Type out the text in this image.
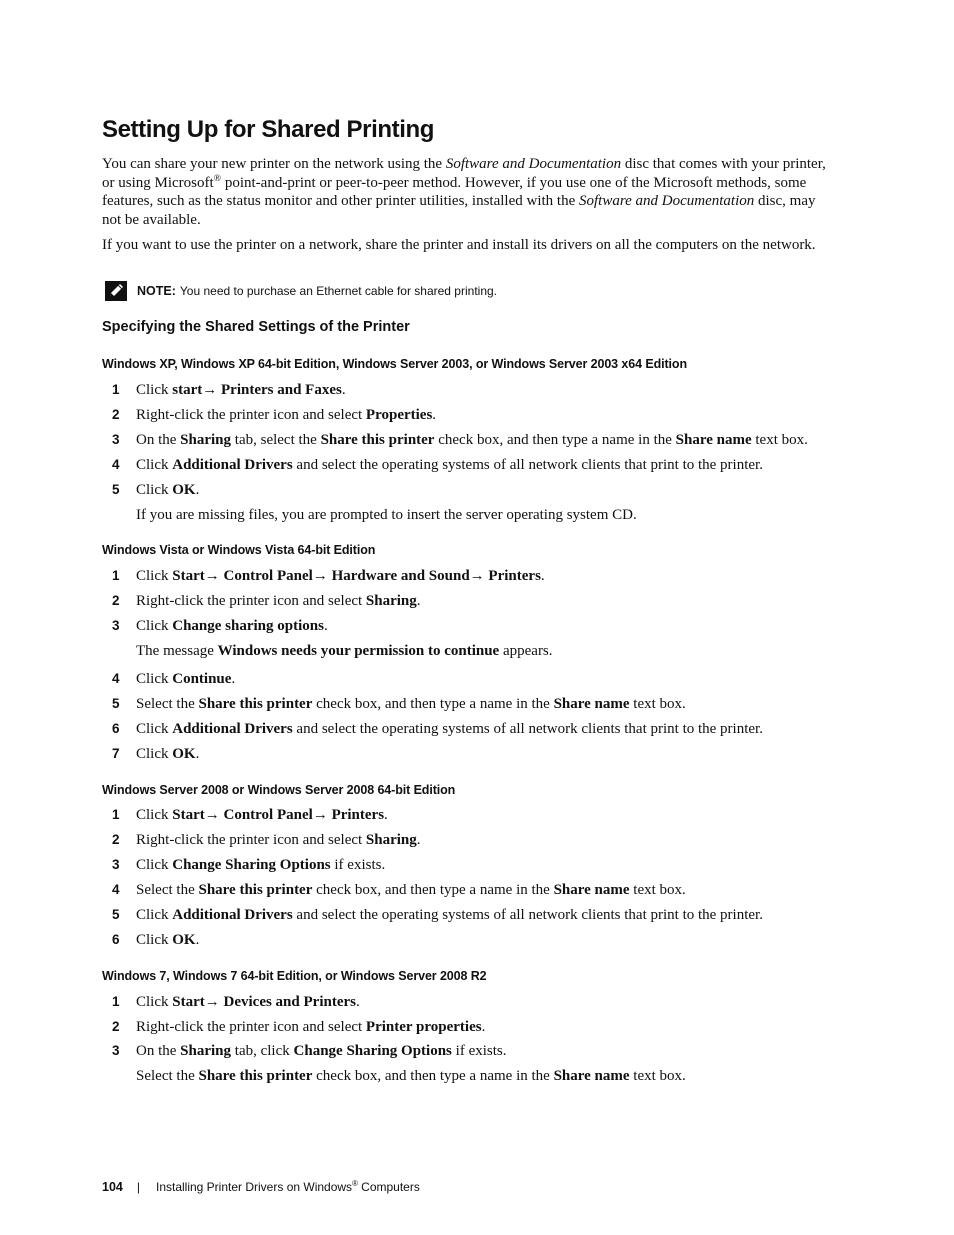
Setting Up for Shared Printing

You can share your new printer on the network using the Software and Documentation disc that comes with your printer, or using Microsoft® point-and-print or peer-to-peer method. However, if you use one of the Microsoft methods, some features, such as the status monitor and other printer utilities, installed with the Software and Documentation disc, may not be available.

If you want to use the printer on a network, share the printer and install its drivers on all the computers on the network.

NOTE: You need to purchase an Ethernet cable for shared printing.
Specifying the Shared Settings of the Printer
Windows XP, Windows XP 64-bit Edition, Windows Server 2003, or Windows Server 2003 x64 Edition

1 Click start→ Printers and Faxes.

2 Right-click the printer icon and select Properties.

3 On the Sharing tab, select the Share this printer check box, and then type a name in the Share name text box.

4 Click Additional Drivers and select the operating systems of all network clients that print to the printer.

5 Click OK.

If you are missing files, you are prompted to insert the server operating system CD.

Windows Vista or Windows Vista 64-bit Edition

1 Click Start→ Control Panel→ Hardware and Sound→ Printers.

2 Right-click the printer icon and select Sharing.

3 Click Change sharing options.

The message Windows needs your permission to continue appears.

4 Click Continue.

5 Select the Share this printer check box, and then type a name in the Share name text box.

6 Click Additional Drivers and select the operating systems of all network clients that print to the printer.

7 Click OK.

Windows Server 2008 or Windows Server 2008 64-bit Edition

1 Click Start→ Control Panel→ Printers.

2 Right-click the printer icon and select Sharing.

3 Click Change Sharing Options if exists.

4 Select the Share this printer check box, and then type a name in the Share name text box.

5 Click Additional Drivers and select the operating systems of all network clients that print to the printer.

6 Click OK.

Windows 7, Windows 7 64-bit Edition, or Windows Server 2008 R2

1 Click Start→ Devices and Printers.

2 Right-click the printer icon and select Printer properties.

3 On the Sharing tab, click Change Sharing Options if exists.

Select the Share this printer check box, and then type a name in the Share name text box.

104 | Installing Printer Drivers on Windows® Computers
